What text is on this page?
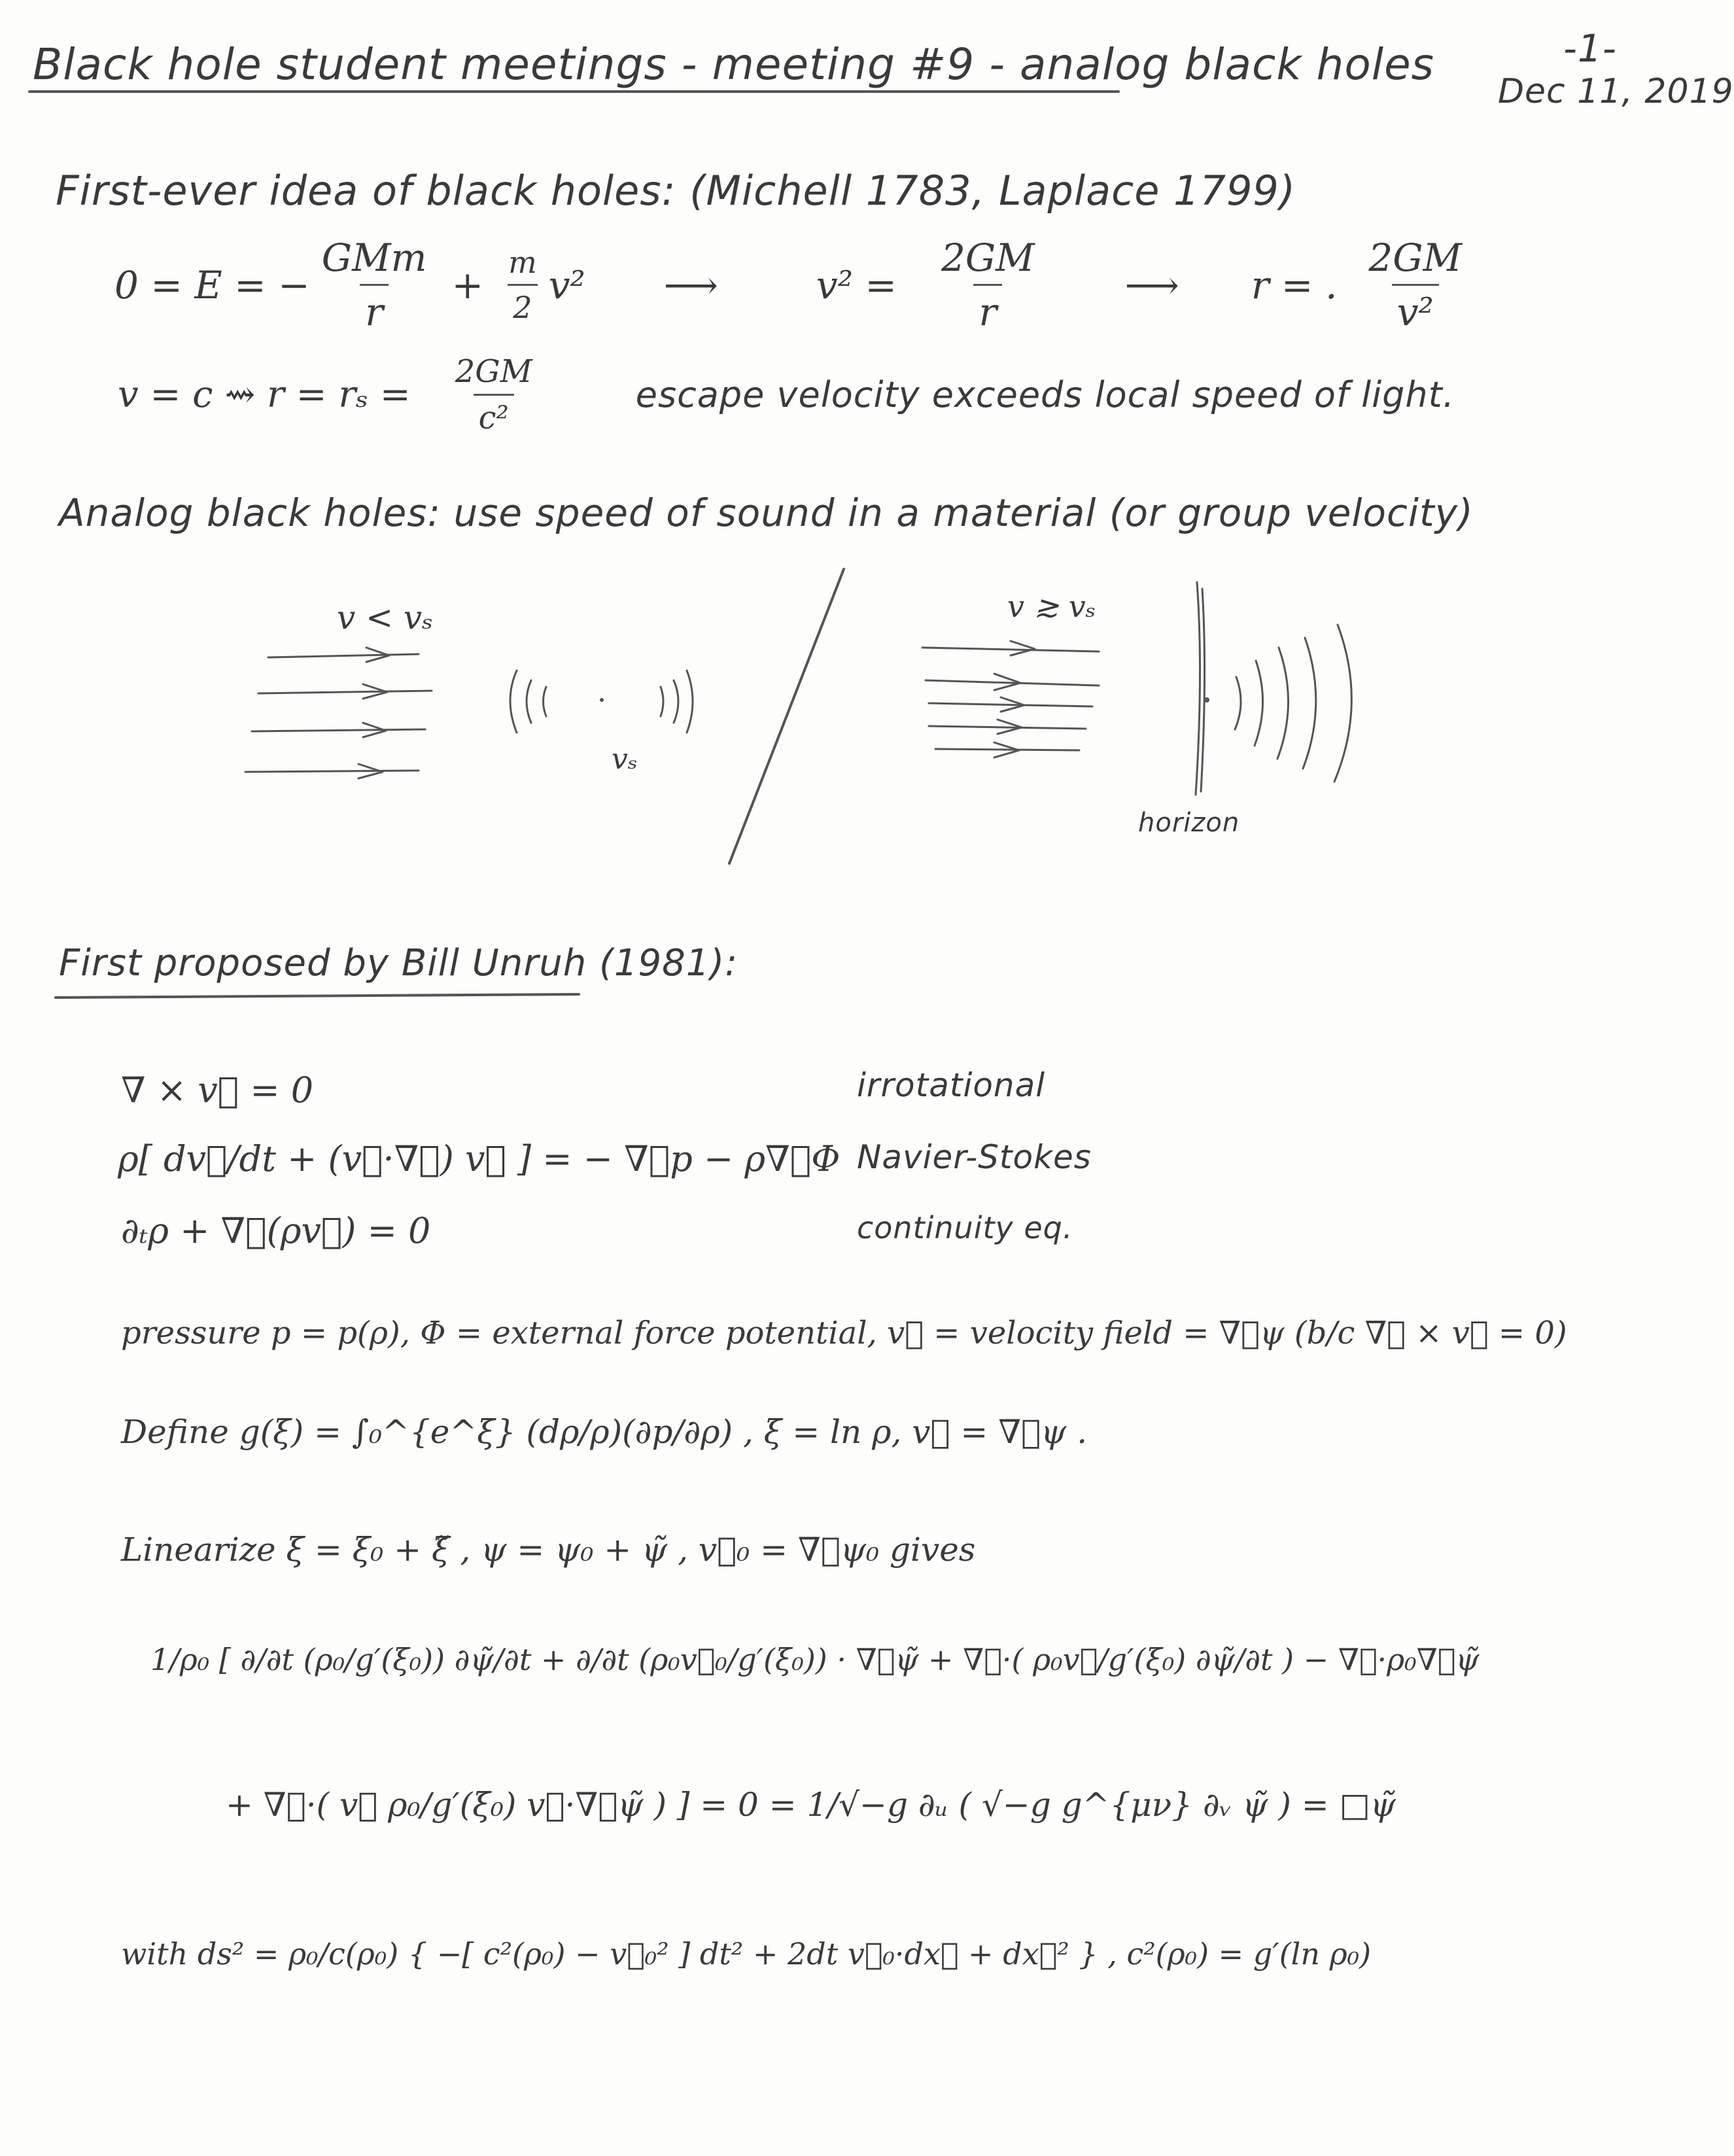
Black hole student meetings - meeting #9 - analog black holes	-1-
Dec 11, 2019
First-ever idea of black holes: (Michell 1783, Laplace 1799)
0 = E = − $\frac{\text{GMm}}{r} + \frac{m}{2} v^2$ ⟶	$v^2 = \frac{2GM}{r}$ ⟶ r = . $\frac{2GM}{\text{v²}}$
v = c ⇝ $r = r_s = \frac{2GM}{\text{c²}}$	escape velocity exceeds local speed of light.
Analog black holes: use speed of sound in a material (or group velocity)
v < vₛ
vₛ
v ≳ vₛ
horizon
First proposed by Bill Unruh (1981):
∇ × v⃗ = 0	irrotational
ρ[ dv⃗/dt + (v⃗·∇⃗) v⃗ ] = − ∇⃗p − ρ∇⃗Φ Navier-Stokes
∂ₜρ + ∇⃗(ρv⃗) = 0	continuity eq.
pressure p = p(ρ), Φ = external force potential, v⃗ = velocity field = ∇⃗ψ (b/c ∇⃗ × v⃗ = 0)
Define g(ξ) = ∫₀^{e^ξ} (dρ/ρ)(∂p/∂ρ) , ξ = ln ρ, v⃗ = ∇⃗ψ .
Linearize ξ = ξ₀ + ξ̃ , ψ = ψ₀ + ψ̃ , v⃗₀ = ∇⃗ψ₀ gives
1/ρ₀ [ ∂/∂t (ρ₀/g′(ξ₀)) ∂ψ̃/∂t + ∂/∂t (ρ₀v⃗₀/g′(ξ₀)) · ∇⃗ψ̃ + ∇⃗·( ρ₀v⃗/g′(ξ₀) ∂ψ̃/∂t ) − ∇⃗·ρ₀∇⃗ψ̃
+ ∇⃗·( v⃗ ρ₀/g′(ξ₀) v⃗·∇⃗ψ̃ ) ] = 0 = 1/√−g ∂ᵤ ( √−g g^{μν} ∂ᵥ ψ̃ ) = □ψ̃
with ds² = ρ₀/c(ρ₀) { −[ c²(ρ₀) − v⃗₀² ] dt² + 2dt v⃗₀·dx⃗ + dx⃗² } , c²(ρ₀) = g′(ln ρ₀)
